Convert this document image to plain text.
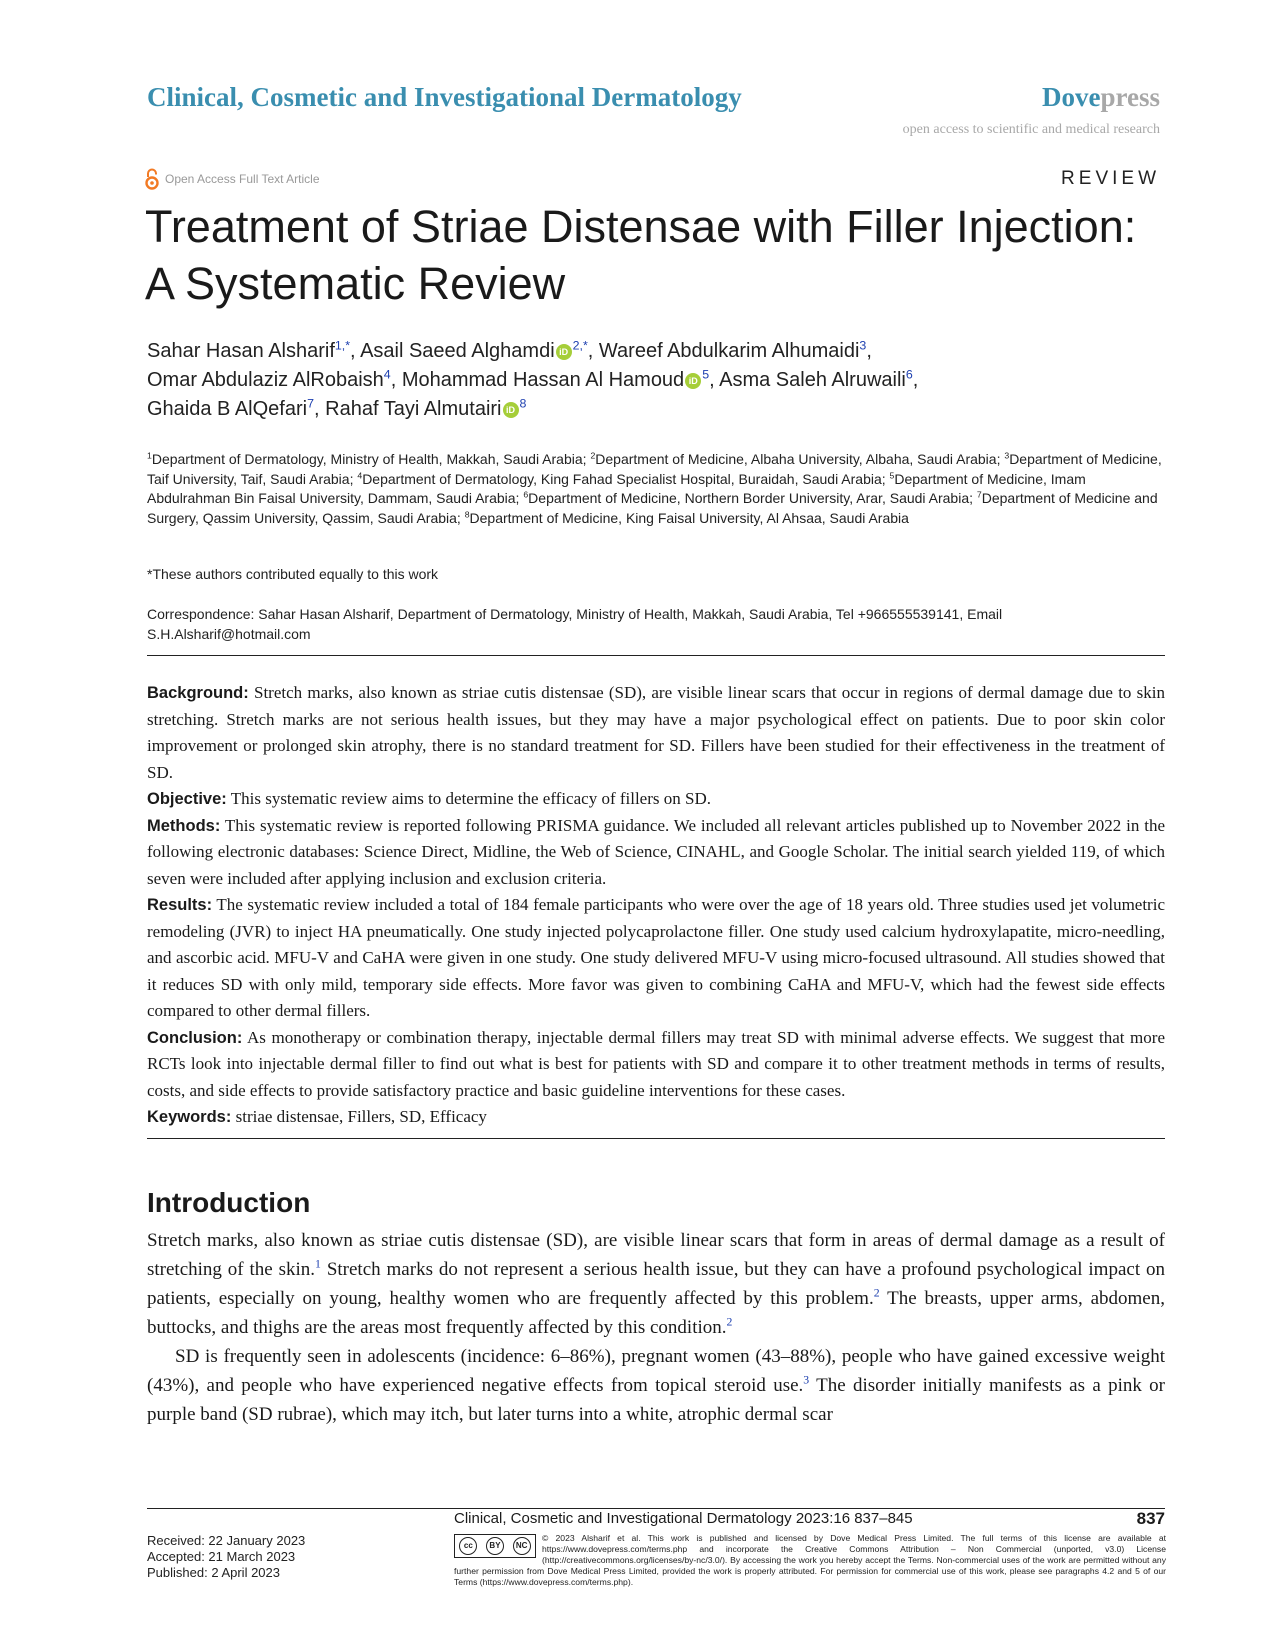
Clinical, Cosmetic and Investigational Dermatology	Dovepress
open access to scientific and medical research
Open Access Full Text Article	REVIEW
Treatment of Striae Distensae with Filler Injection:
A Systematic Review
Sahar Hasan Alsharif$^{1,*}$, Asail Saeed Alghamdi iD $^{2,*}$, Wareef Abdulkarim Alhumaidi$^3$,
Omar Abdulaziz AlRobaish$^4$, Mohammad Hassan Al Hamoud iD $^5$, Asma Saleh Alruwaili$^6$,
Ghaida B AlQefari$^7$, Rahaf Tayi Almutairi iD $^8$
$^1$Department of Dermatology, Ministry of Health, Makkah, Saudi Arabia; $^2$Department of Medicine, Albaha University, Albaha, Saudi Arabia; $^3$Department of Medicine, Taif University, Taif, Saudi Arabia; $^4$Department of Dermatology, King Fahad Specialist Hospital, Buraidah, Saudi Arabia; $^5$Department of Medicine, Imam Abdulrahman Bin Faisal University, Dammam, Saudi Arabia; $^6$Department of Medicine, Northern Border University, Arar, Saudi Arabia; $^7$Department of Medicine and Surgery, Qassim University, Qassim, Saudi Arabia; $^8$Department of Medicine, King Faisal University, Al Ahsaa, Saudi Arabia
*These authors contributed equally to this work
Correspondence: Sahar Hasan Alsharif, Department of Dermatology, Ministry of Health, Makkah, Saudi Arabia, Tel +966555539141, Email S.H.Alsharif@hotmail.com

Background: Stretch marks, also known as striae cutis distensae (SD), are visible linear scars that occur in regions of dermal damage due to skin stretching. Stretch marks are not serious health issues, but they may have a major psychological effect on patients. Due to poor skin color improvement or prolonged skin atrophy, there is no standard treatment for SD. Fillers have been studied for their effectiveness in the treatment of SD.

Objective: This systematic review aims to determine the efficacy of fillers on SD.

Methods: This systematic review is reported following PRISMA guidance. We included all relevant articles published up to November 2022 in the following electronic databases: Science Direct, Midline, the Web of Science, CINAHL, and Google Scholar. The initial search yielded 119, of which seven were included after applying inclusion and exclusion criteria.

Results: The systematic review included a total of 184 female participants who were over the age of 18 years old. Three studies used jet volumetric remodeling (JVR) to inject HA pneumatically. One study injected polycaprolactone filler. One study used calcium hydroxylapatite, micro-needling, and ascorbic acid. MFU-V and CaHA were given in one study. One study delivered MFU-V using micro-focused ultrasound. All studies showed that it reduces SD with only mild, temporary side effects. More favor was given to combining CaHA and MFU-V, which had the fewest side effects compared to other dermal fillers.

Conclusion: As monotherapy or combination therapy, injectable dermal fillers may treat SD with minimal adverse effects. We suggest that more RCTs look into injectable dermal filler to find out what is best for patients with SD and compare it to other treatment methods in terms of results, costs, and side effects to provide satisfactory practice and basic guideline interventions for these cases.

Keywords: striae distensae, Fillers, SD, Efficacy

Introduction

Stretch marks, also known as striae cutis distensae (SD), are visible linear scars that form in areas of dermal damage as a result of stretching of the skin.$^1$ Stretch marks do not represent a serious health issue, but they can have a profound psychological impact on patients, especially on young, healthy women who are frequently affected by this problem.$^2$ The breasts, upper arms, abdomen, buttocks, and thighs are the areas most frequently affected by this condition.$^2$

SD is frequently seen in adolescents (incidence: 6–86%), pregnant women (43–88%), people who have gained excessive weight (43%), and people who have experienced negative effects from topical steroid use.$^3$ The disorder initially manifests as a pink or purple band (SD rubrae), which may itch, but later turns into a white, atrophic dermal scar

Clinical, Cosmetic and Investigational Dermatology 2023:16 837–845	837
Received: 22 January 2023
Accepted: 21 March 2023
Published: 2 April 2023
cc	BY	NC
© 2023 Alsharif et al. This work is published and licensed by Dove Medical Press Limited. The full terms of this license are available at https://www.dovepress.com/terms.php and incorporate the Creative Commons Attribution – Non Commercial (unported, v3.0) License (http://creativecommons.org/licenses/by-nc/3.0/). By accessing the work you hereby accept the Terms. Non-commercial uses of the work are permitted without any further permission from Dove Medical Press Limited, provided the work is properly attributed. For permission for commercial use of this work, please see paragraphs 4.2 and 5 of our Terms (https://www.dovepress.com/terms.php).
